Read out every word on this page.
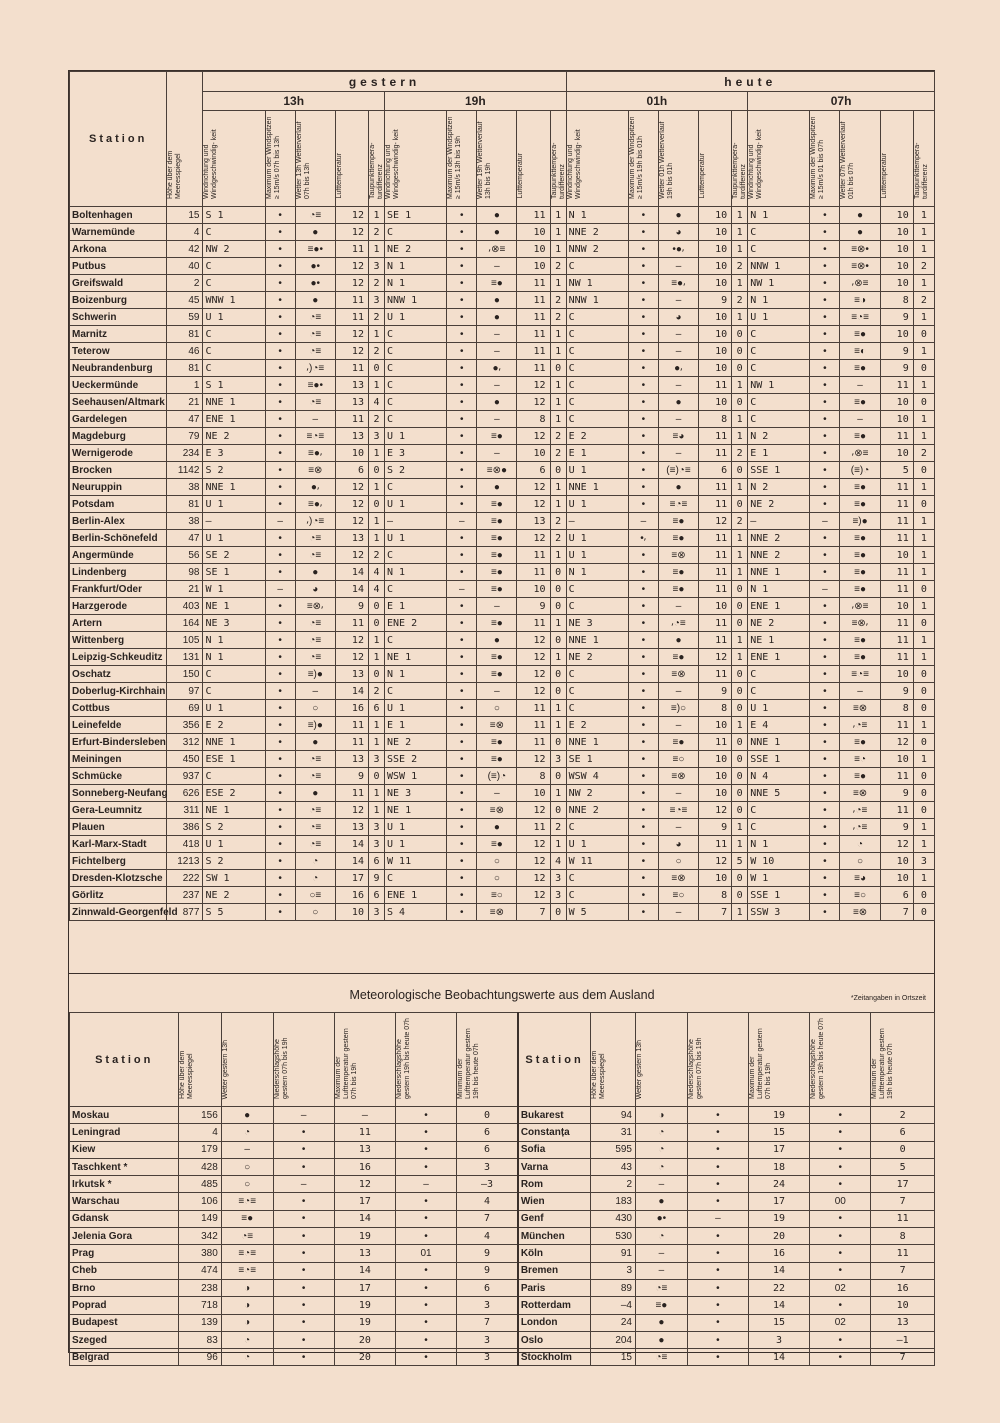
Station	Höhe über dem Meeresspiegel	gestern										heute									
		13h					19h					01h					07h				
		Windrichtung und Windgeschwindig- keit	Maximum der Windspitzen ≥ 15m/s 07h bis 13h	Wetter 13h Wetterverlauf 07h bis 13h	Lufttemperatur	Taupunkttempera- turdifferenz	Windrichtung und Windgeschwindig- keit	Maximum der Windspitzen ≥ 15m/s 13h bis 19h	Wetter 19h Wetterverlauf 13h bis 19h	Lufttemperatur	Taupunkttempera- turdifferenz	Windrichtung und Windgeschwindig- keit	Maximum der Windspitzen ≥ 15m/s 19h bis 01h	Wetter 01h Wetterverlauf 19h bis 01h	Lufttemperatur	Taupunkttempera- turdifferenz	Windrichtung und Windgeschwindig- keit	Maximum der Windspitzen ≥ 15m/s 01 bis 07h	Wetter 07h Wetterverlauf 01h bis 07h	Lufttemperatur	Taupunkttempera- turdifferenz
Boltenhagen	15	S 1	•	◔≡	12	1	SE 1	•	●	11	1	N 1	•	●	10	1	N 1	•	●	10	1
Warnemünde	4	C	•	●	12	2	C	•	●	10	1	NNE 2	•	◕	10	1	C	•	●	10	1
Arkona	42	NW 2	•	≡●•	11	1	NE 2	•	⸴⊗≡	10	1	NNW 2	•	•●⸴	10	1	C	•	≡⊗•	10	1
Putbus	40	C	•	●•	12	3	N 1	•	–	10	2	C	•	–	10	2	NNW 1	•	≡⊗•	10	2
Greifswald	2	C	•	●•	12	2	N 1	•	≡●	11	1	NW 1	•	≡●⸴	10	1	NW 1	•	⸴⊗≡	10	1
Boizenburg	45	WNW 1	•	●	11	3	NNW 1	•	●	11	2	NNW 1	•	–	9	2	N 1	•	≡◑	8	2
Schwerin	59	U 1	•	◔≡	11	2	U 1	•	●	11	2	C	•	◕	10	1	U 1	•	≡◔≡	9	1
Marnitz	81	C	•	◔≡	12	1	C	•	–	11	1	C	•	–	10	0	C	•	≡●	10	0
Teterow	46	C	•	◔≡	12	2	C	•	–	11	1	C	•	–	10	0	C	•	≡◐	9	1
Neubrandenburg	81	C	•	⸴)◔≡	11	0	C	•	●⸴	11	0	C	•	●⸴	10	0	C	•	≡●	9	0
Ueckermünde	1	S 1	•	≡●•	13	1	C	•	–	12	1	C	•	–	11	1	NW 1	•	–	11	1
Seehausen/Altmark	21	NNE 1	•	◔≡	13	4	C	•	●	12	1	C	•	●	10	0	C	•	≡●	10	0
Gardelegen	47	ENE 1	•	–	11	2	C	•	–	8	1	C	•	–	8	1	C	•	–	10	1
Magdeburg	79	NE 2	•	≡◔≡	13	3	U 1	•	≡●	12	2	E 2	•	≡◕	11	1	N 2	•	≡●	11	1
Wernigerode	234	E 3	•	≡●⸴	10	1	E 3	•	–	10	2	E 1	•	–	11	2	E 1	•	⸴⊗≡	10	2
Brocken	1142	S 2	•	≡⊗	6	0	S 2	•	≡⊗●	6	0	U 1	•	(≡)◔≡	6	0	SSE 1	•	(≡)◔	5	0
Neuruppin	38	NNE 1	•	●⸴	12	1	C	•	●	12	1	NNE 1	•	●	11	1	N 2	•	≡●	11	1
Potsdam	81	U 1	•	≡●⸴	12	0	U 1	•	≡●	12	1	U 1	•	≡◔≡	11	0	NE 2	•	≡●	11	0
Berlin-Alex	38	–	–	⸴)◔≡	12	1	–	–	≡●	13	2	–	–	≡●	12	2	–	–	≡)●	11	1
Berlin-Schönefeld	47	U 1	•	◔≡	13	1	U 1	•	≡●	12	2	U 1	•⸴	≡●	11	1	NNE 2	•	≡●	11	1
Angermünde	56	SE 2	•	◔≡	12	2	C	•	≡●	11	1	U 1	•	≡⊗	11	1	NNE 2	•	≡●	10	1
Lindenberg	98	SE 1	•	●	14	4	N 1	•	≡●	11	0	N 1	•	≡●	11	1	NNE 1	•	≡●	11	1
Frankfurt/Oder	21	W 1	–	◕	14	4	C	–	≡●	10	0	C	•	≡●	11	0	N 1	–	≡●	11	0
Harzgerode	403	NE 1	•	≡⊗⸴	9	0	E 1	•	–	9	0	C	•	–	10	0	ENE 1	•	⸴⊗≡	10	1
Artern	164	NE 3	•	◔≡	11	0	ENE 2	•	≡●	11	1	NE 3	•	⸴◔≡	11	0	NE 2	•	≡⊗⸴	11	0
Wittenberg	105	N 1	•	◔≡	12	1	C	•	●	12	0	NNE 1	•	●	11	1	NE 1	•	≡●	11	1
Leipzig-Schkeuditz	131	N 1	•	◔≡	12	1	NE 1	•	≡●	12	1	NE 2	•	≡●	12	1	ENE 1	•	≡●	11	1
Oschatz	150	C	•	≡)●	13	0	N 1	•	≡●	12	0	C	•	≡⊗	11	0	C	•	≡◔≡	10	0
Doberlug-Kirchhain	97	C	•	–	14	2	C	•	–	12	0	C	•	–	9	0	C	•	–	9	0
Cottbus	69	U 1	•	○	16	6	U 1	•	○	11	1	C	•	≡)○	8	0	U 1	•	≡⊗	8	0
Leinefelde	356	E 2	•	≡)●	11	1	E 1	•	≡⊗	11	1	E 2	•	–	10	1	E 4	•	⸴◔≡	11	1
Erfurt-Bindersleben	312	NNE 1	•	●	11	1	NE 2	•	≡●	11	0	NNE 1	•	≡●	11	0	NNE 1	•	≡●	12	0
Meiningen	450	ESE 1	•	◔≡	13	3	SSE 2	•	≡●	12	3	SE 1	•	≡○	10	0	SSE 1	•	≡◔	10	1
Schmücke	937	C	•	◔≡	9	0	WSW 1	•	(≡)◔	8	0	WSW 4	•	≡⊗	10	0	N 4	•	≡●	11	0
Sonneberg-Neufang	626	ESE 2	•	●	11	1	NE 3	•	–	10	1	NW 2	•	–	10	0	NNE 5	•	≡⊗	9	0
Gera-Leumnitz	311	NE 1	•	◔≡	12	1	NE 1	•	≡⊗	12	0	NNE 2	•	≡◔≡	12	0	C	•	⸴◔≡	11	0
Plauen	386	S 2	•	◔≡	13	3	U 1	•	●	11	2	C	•	–	9	1	C	•	⸴◔≡	9	1
Karl-Marx-Stadt	418	U 1	•	◔≡	14	3	U 1	•	≡●	12	1	U 1	•	◕	11	1	N 1	•	◔	12	1
Fichtelberg	1213	S 2	•	◔	14	6	W 11	•	○	12	4	W 11	•	○	12	5	W 10	•	○	10	3
Dresden-Klotzsche	222	SW 1	•	◔	17	9	C	•	○	12	3	C	•	≡⊗	10	0	W 1	•	≡◕	10	1
Görlitz	237	NE 2	•	○≡	16	6	ENE 1	•	≡○	12	3	C	•	≡○	8	0	SSE 1	•	≡○	6	0
Zinnwald-Georgenfeld	877	S 5	•	○	10	3	S 4	•	≡⊗	7	0	W 5	•	–	7	1	SSW 3	•	≡⊗	7	0
Meteorologische Beobachtungswerte aus dem Ausland	*Zeitangaben in Ortszeit
Station	Höhe über dem Meeresspiegel	Wetter gestern 13h	Niederschlagshöhe gestern 07h bis 19h	Maximum der Lufttemperatur gestern 07h bis 19h	Niederschlagshöhe gestern 19h bis heute 07h	Minimum der Lufttemperatur gestern 19h bis heute 07h	Station	Höhe über dem Meeresspiegel	Wetter gestern 13h	Niederschlagshöhe gestern 07h bis 19h	Maximum der Lufttemperatur gestern 07h bis 19h	Niederschlagshöhe gestern 19h bis heute 07h	Minimum der Lufttemperatur gestern 19h bis heute 07h
Moskau	156	●	–	–	•	0	Bukarest	94	◑	•	19	•	2
Leningrad	4	◔	•	11	•	6	Constanța	31	◔	•	15	•	6
Kiew	179	–	•	13	•	6	Sofia	595	◔	•	17	•	0
Taschkent *	428	○	•	16	•	3	Varna	43	◔	•	18	•	5
Irkutsk *	485	○	–	12	–	–3	Rom	2	–	•	24	•	17
Warschau	106	≡◔≡	•	17	•	4	Wien	183	●	•	17	00	7
Gdansk	149	≡●	•	14	•	7	Genf	430	●•	–	19	•	11
Jelenia Gora	342	◔≡	•	19	•	4	München	530	◔	•	20	•	8
Prag	380	≡◔≡	•	13	01	9	Köln	91	–	•	16	•	11
Cheb	474	≡◔≡	•	14	•	9	Bremen	3	–	•	14	•	7
Brno	238	◑	•	17	•	6	Paris	89	◔≡	•	22	02	16
Poprad	718	◑	•	19	•	3	Rotterdam	–4	≡●	•	14	•	10
Budapest	139	◑	•	19	•	7	London	24	●	•	15	02	13
Szeged	83	◔	•	20	•	3	Oslo	204	●	•	3	•	–1
Belgrad	96	◔	•	20	•	3	Stockholm	15	◔≡	•	14	•	7
